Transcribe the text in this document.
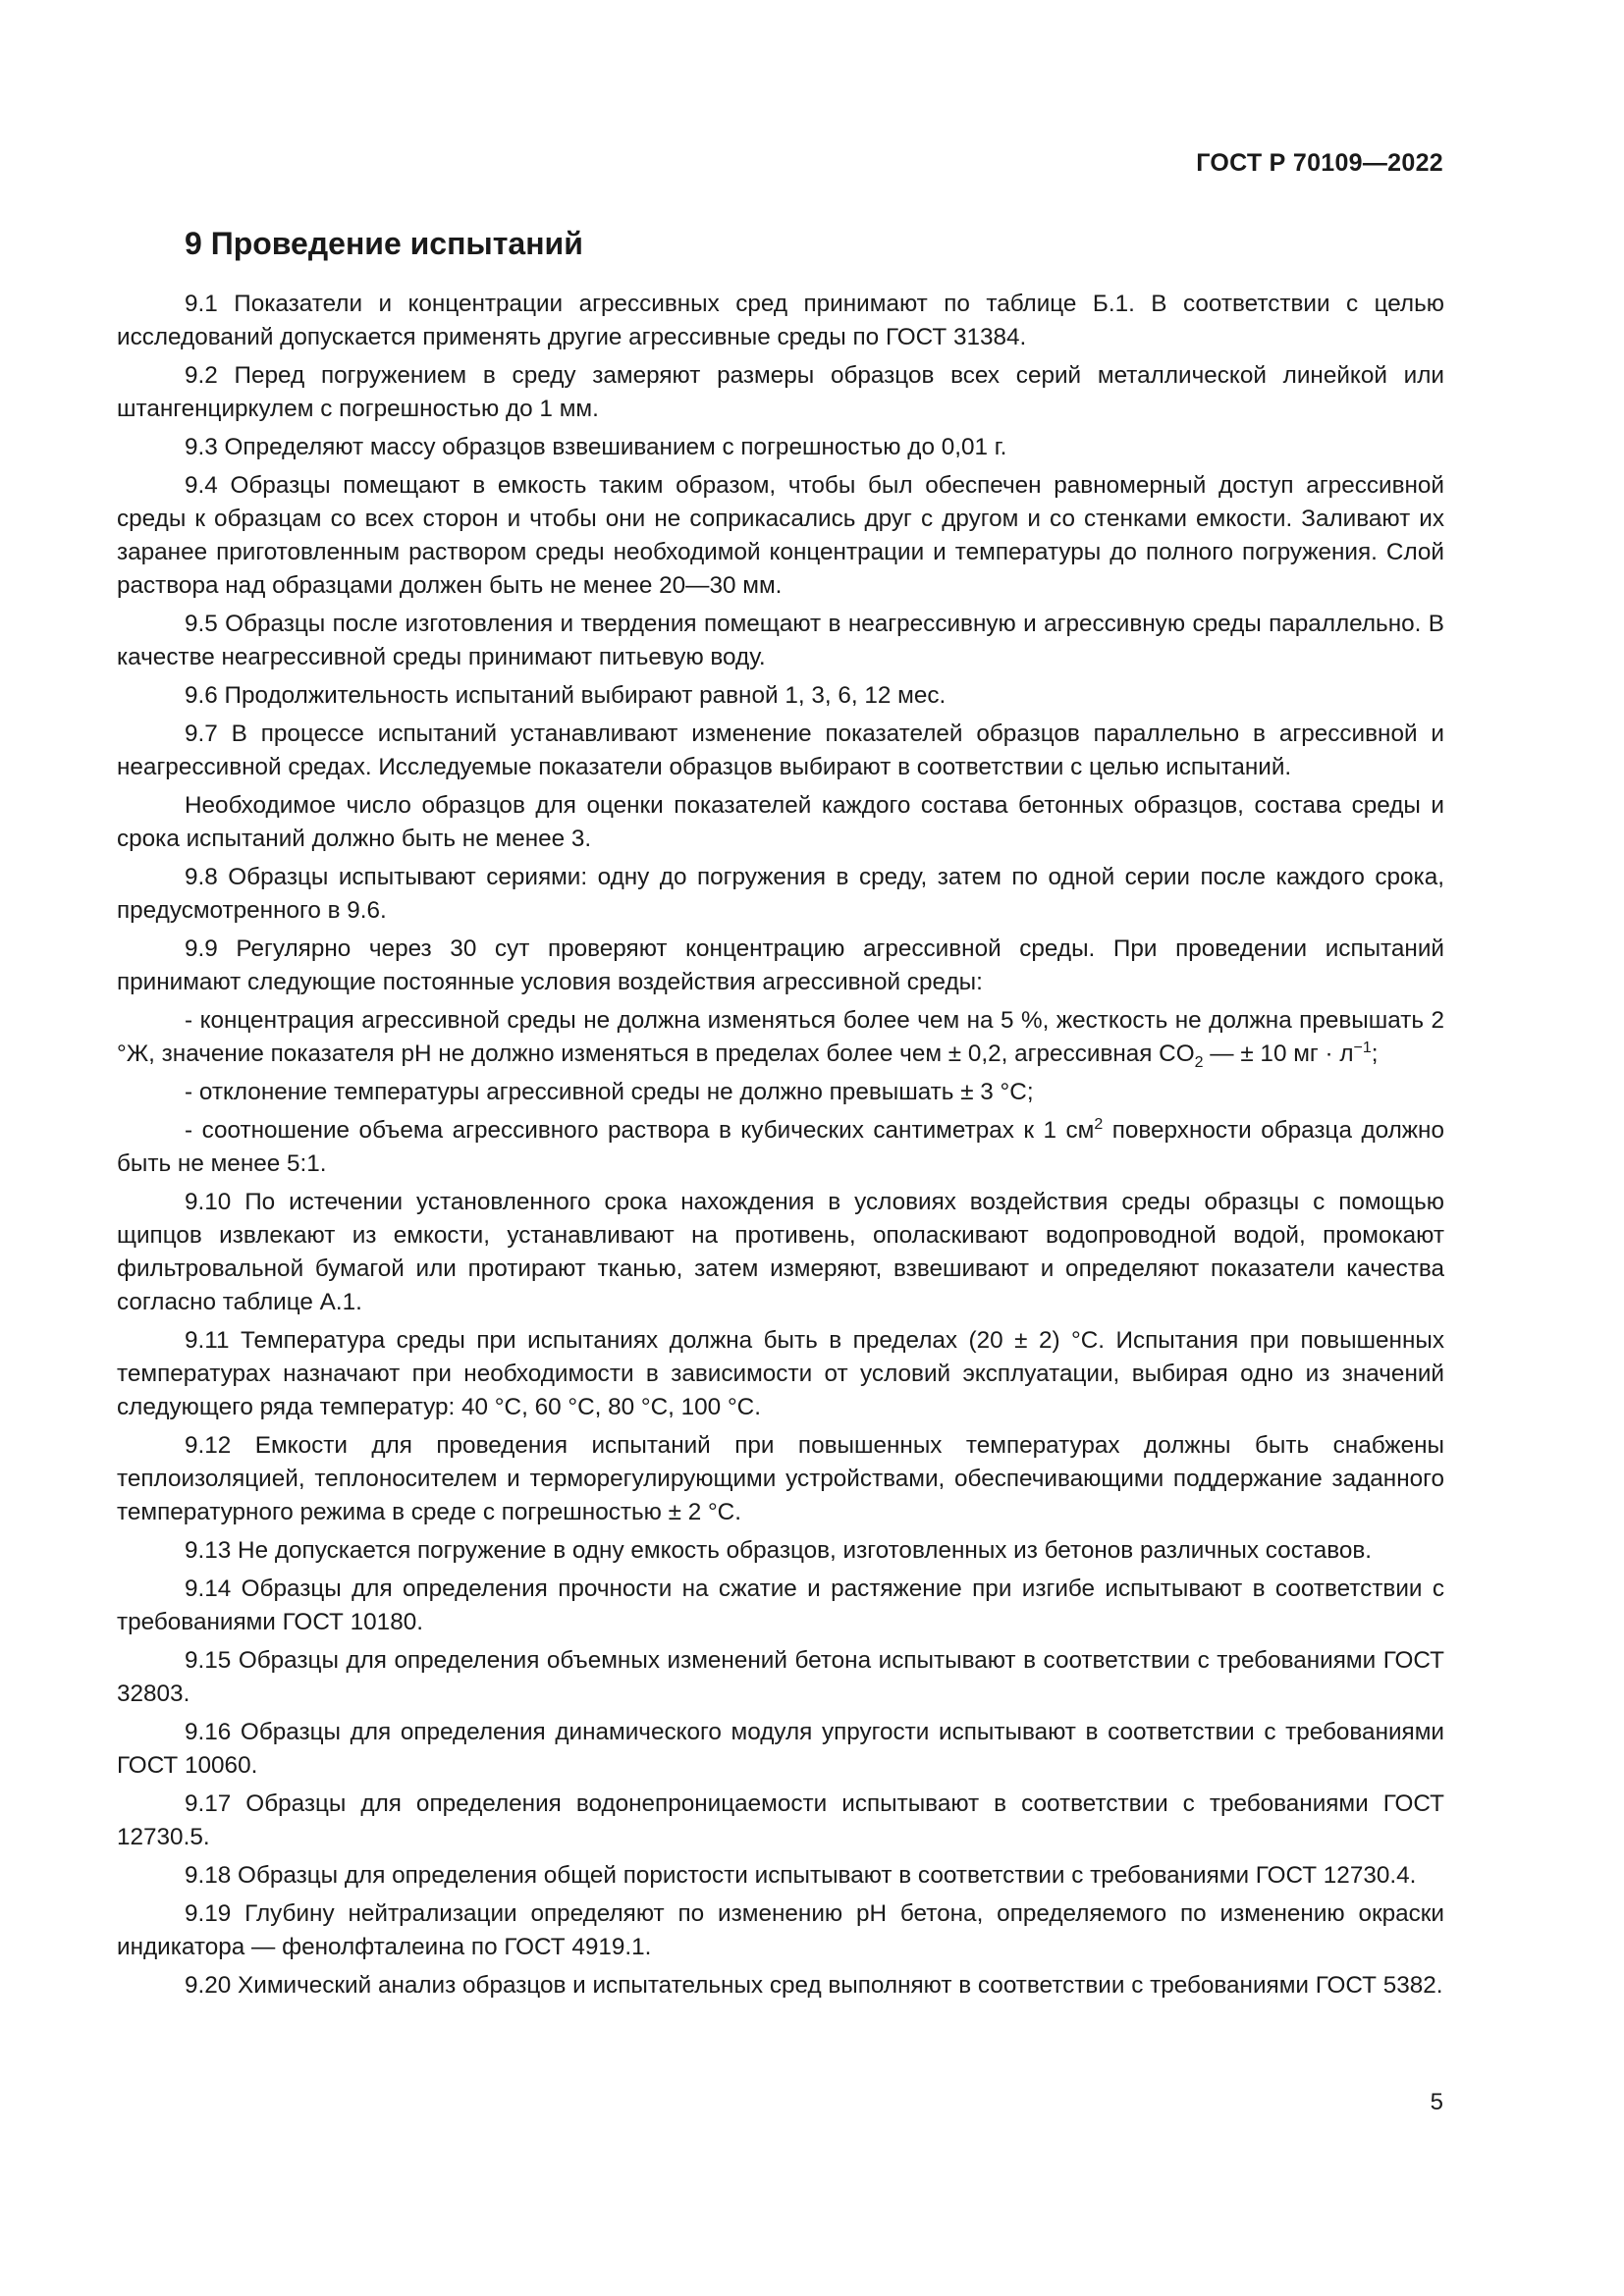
ГОСТ Р 70109—2022
9 Проведение испытаний

9.1 Показатели и концентрации агрессивных сред принимают по таблице Б.1. В соответствии с целью исследований допускается применять другие агрессивные среды по ГОСТ 31384.

9.2 Перед погружением в среду замеряют размеры образцов всех серий металлической линейкой или штангенциркулем с погрешностью до 1 мм.

9.3 Определяют массу образцов взвешиванием с погрешностью до 0,01 г.

9.4 Образцы помещают в емкость таким образом, чтобы был обеспечен равномерный доступ агрессивной среды к образцам со всех сторон и чтобы они не соприкасались друг с другом и со стенками емкости. Заливают их заранее приготовленным раствором среды необходимой концентрации и температуры до полного погружения. Слой раствора над образцами должен быть не менее 20—30 мм.

9.5 Образцы после изготовления и твердения помещают в неагрессивную и агрессивную среды параллельно. В качестве неагрессивной среды принимают питьевую воду.

9.6 Продолжительность испытаний выбирают равной 1, 3, 6, 12 мес.

9.7 В процессе испытаний устанавливают изменение показателей образцов параллельно в агрессивной и неагрессивной средах. Исследуемые показатели образцов выбирают в соответствии с целью испытаний.

Необходимое число образцов для оценки показателей каждого состава бетонных образцов, состава среды и срока испытаний должно быть не менее 3.

9.8 Образцы испытывают сериями: одну до погружения в среду, затем по одной серии после каждого срока, предусмотренного в 9.6.

9.9 Регулярно через 30 сут проверяют концентрацию агрессивной среды. При проведении испытаний принимают следующие постоянные условия воздействия агрессивной среды:

- концентрация агрессивной среды не должна изменяться более чем на 5 %, жесткость не должна превышать 2 °Ж, значение показателя pH не должно изменяться в пределах более чем ± 0,2, агрессивная $CO_2$ — ± 10 мг · $л^{-1}$;

- отклонение температуры агрессивной среды не должно превышать ± 3 °С;

- соотношение объема агрессивного раствора в кубических сантиметрах к 1 $см^2$ поверхности образца должно быть не менее 5:1.

9.10 По истечении установленного срока нахождения в условиях воздействия среды образцы с помощью щипцов извлекают из емкости, устанавливают на противень, ополаскивают водопроводной водой, промокают фильтровальной бумагой или протирают тканью, затем измеряют, взвешивают и определяют показатели качества согласно таблице А.1.

9.11 Температура среды при испытаниях должна быть в пределах (20 ± 2) °С. Испытания при повышенных температурах назначают при необходимости в зависимости от условий эксплуатации, выбирая одно из значений следующего ряда температур: 40 °С, 60 °С, 80 °С, 100 °С.

9.12 Емкости для проведения испытаний при повышенных температурах должны быть снабжены теплоизоляцией, теплоносителем и терморегулирующими устройствами, обеспечивающими поддержание заданного температурного режима в среде с погрешностью ± 2 °С.

9.13 Не допускается погружение в одну емкость образцов, изготовленных из бетонов различных составов.

9.14 Образцы для определения прочности на сжатие и растяжение при изгибе испытывают в соответствии с требованиями ГОСТ 10180.

9.15 Образцы для определения объемных изменений бетона испытывают в соответствии с требованиями ГОСТ 32803.

9.16 Образцы для определения динамического модуля упругости испытывают в соответствии с требованиями ГОСТ 10060.

9.17 Образцы для определения водонепроницаемости испытывают в соответствии с требованиями ГОСТ 12730.5.

9.18 Образцы для определения общей пористости испытывают в соответствии с требованиями ГОСТ 12730.4.

9.19 Глубину нейтрализации определяют по изменению pH бетона, определяемого по изменению окраски индикатора — фенолфталеина по ГОСТ 4919.1.

9.20 Химический анализ образцов и испытательных сред выполняют в соответствии с требованиями ГОСТ 5382.

5
